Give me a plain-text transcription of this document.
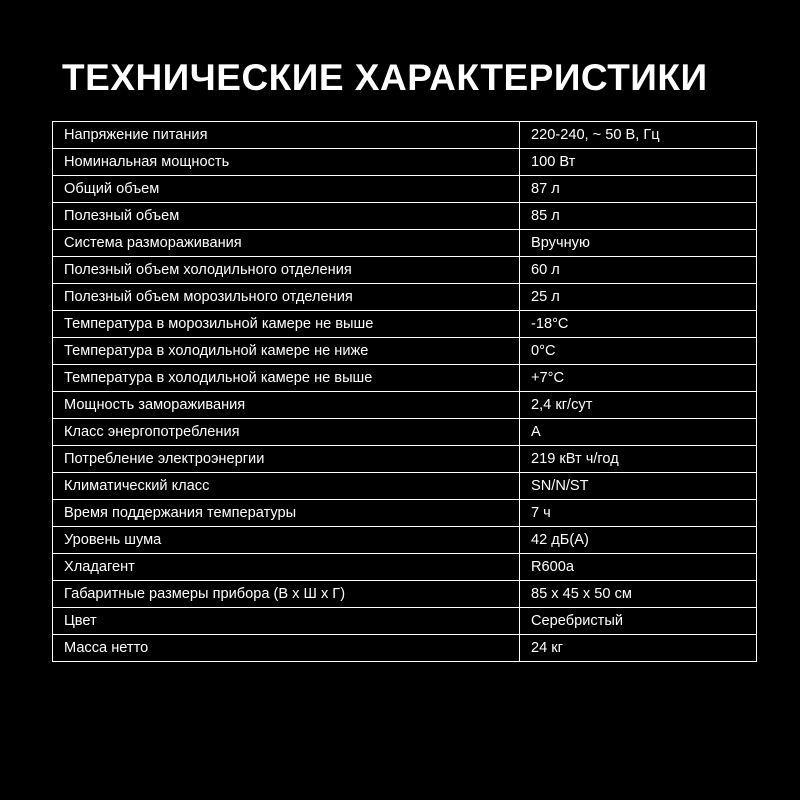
ТЕХНИЧЕСКИЕ ХАРАКТЕРИСТИКИ
Напряжение питания	220-240, ~ 50 В, Гц
Номинальная мощность	100 Вт
Общий объем	87 л
Полезный объем	85 л
Система размораживания	Вручную
Полезный объем холодильного отделения	60 л
Полезный объем морозильного отделения	25 л
Температура в морозильной камере не выше	-18°C
Температура в холодильной камере не ниже	0°C
Температура в холодильной камере не выше	+7°C
Мощность замораживания	2,4 кг/сут
Класс энергопотребления	A
Потребление электроэнергии	219 кВт ч/год
Климатический класс	SN/N/ST
Время поддержания температуры	7 ч
Уровень шума	42 дБ(A)
Хладагент	R600a
Габаритные размеры прибора (В х Ш х Г)	85 х 45 х 50 см
Цвет	Серебристый
Масса нетто	24 кг
